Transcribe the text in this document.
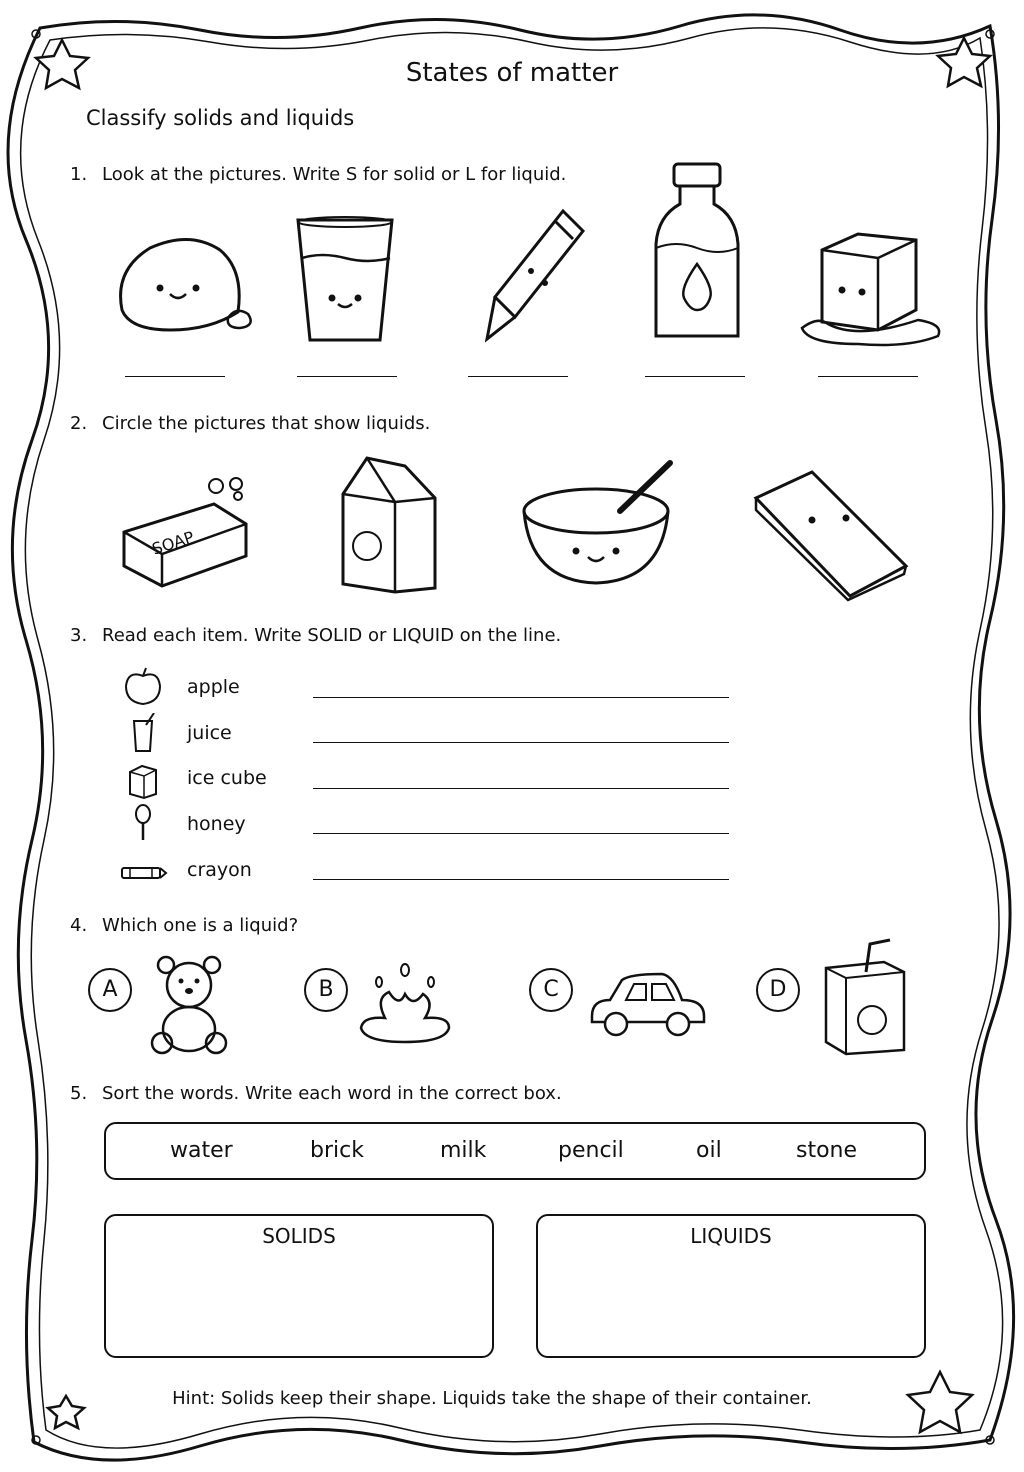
States of matter
Classify solids and liquids
1. Look at the pictures. Write S for solid or L for liquid.
2. Circle the pictures that show liquids.
SOAP
3. Read each item. Write SOLID or LIQUID on the line.
apple
juice
ice cube
honey
crayon
4. Which one is a liquid?
A	B	C	D
5. Sort the words. Write each word in the correct box.
water	brick	milk	pencil	oil	stone
SOLIDS	LIQUIDS
Hint: Solids keep their shape. Liquids take the shape of their container.
